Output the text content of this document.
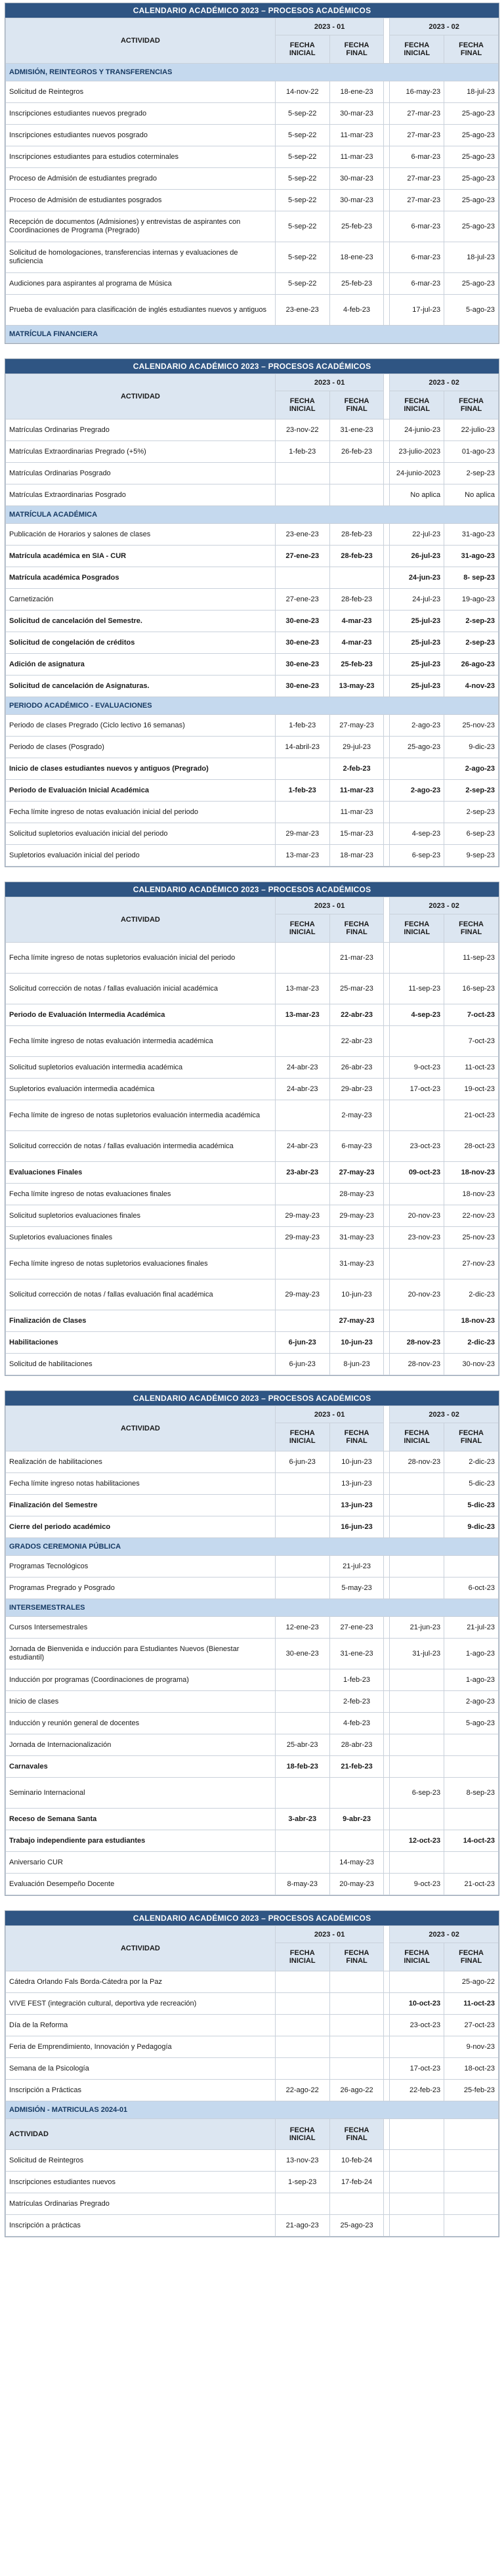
CALENDARIO ACADÉMICO 2023 – PROCESOS ACADÉMICOS
ACTIVIDAD	2023 - 01			2023 - 02	
	FECHA INICIAL	FECHA FINAL		FECHA INICIAL	FECHA FINAL
ADMISIÓN, REINTEGROS Y TRANSFERENCIAS					
Solicitud de Reintegros	14-nov-22	18-ene-23		16-may-23	18-jul-23
Inscripciones estudiantes nuevos pregrado	5-sep-22	30-mar-23		27-mar-23	25-ago-23
Inscripciones estudiantes nuevos posgrado	5-sep-22	11-mar-23		27-mar-23	25-ago-23
Inscripciones estudiantes para estudios coterminales	5-sep-22	11-mar-23		6-mar-23	25-ago-23
Proceso de Admisión de estudiantes pregrado	5-sep-22	30-mar-23		27-mar-23	25-ago-23
Proceso de Admisión de estudiantes posgrados	5-sep-22	30-mar-23		27-mar-23	25-ago-23
Recepción de documentos (Admisiones) y entrevistas de aspirantes con Coordinaciones de Programa (Pregrado)	5-sep-22	25-feb-23		6-mar-23	25-ago-23
Solicitud de homologaciones, transferencias internas y evaluaciones de suficiencia	5-sep-22	18-ene-23		6-mar-23	18-jul-23
Audiciones para aspirantes al programa de Música	5-sep-22	25-feb-23		6-mar-23	25-ago-23
Prueba de evaluación para clasificación de inglés estudiantes nuevos y antiguos	23-ene-23	4-feb-23		17-jul-23	5-ago-23
MATRÍCULA FINANCIERA					
CALENDARIO ACADÉMICO 2023 – PROCESOS ACADÉMICOS
ACTIVIDAD	2023 - 01			2023 - 02	
	FECHA INICIAL	FECHA FINAL		FECHA INICIAL	FECHA FINAL
Matrículas Ordinarias Pregrado	23-nov-22	31-ene-23		24-junio-23	22-julio-23
Matrículas Extraordinarias Pregrado (+5%)	1-feb-23	26-feb-23		23-julio-2023	01-ago-23
Matrículas Ordinarias Posgrado				24-junio-2023	2-sep-23
Matrículas Extraordinarias Posgrado				No aplica	No aplica
MATRÍCULA ACADÉMICA					
Publicación de Horarios y salones de clases	23-ene-23	28-feb-23		22-jul-23	31-ago-23
Matrícula académica en SIA - CUR	27-ene-23	28-feb-23		26-jul-23	31-ago-23
Matrícula académica Posgrados				24-jun-23	8- sep-23
Carnetización	27-ene-23	28-feb-23		24-jul-23	19-ago-23
Solicitud de cancelación del Semestre.	30-ene-23	4-mar-23		25-jul-23	2-sep-23
Solicitud de congelación de créditos	30-ene-23	4-mar-23		25-jul-23	2-sep-23
Adición de asignatura	30-ene-23	25-feb-23		25-jul-23	26-ago-23
Solicitud de cancelación de Asignaturas.	30-ene-23	13-may-23		25-jul-23	4-nov-23
PERIODO ACADÉMICO - EVALUACIONES					
Periodo de clases Pregrado (Ciclo lectivo 16 semanas)	1-feb-23	27-may-23		2-ago-23	25-nov-23
Periodo de clases (Posgrado)	14-abril-23	29-jul-23		25-ago-23	9-dic-23
Inicio de clases estudiantes nuevos y antiguos (Pregrado)		2-feb-23			2-ago-23
Periodo de Evaluación Inicial Académica	1-feb-23	11-mar-23		2-ago-23	2-sep-23
Fecha límite ingreso de notas evaluación inicial del periodo		11-mar-23			2-sep-23
Solicitud supletorios evaluación inicial del periodo	29-mar-23	15-mar-23		4-sep-23	6-sep-23
Supletorios evaluación inicial del periodo	13-mar-23	18-mar-23		6-sep-23	9-sep-23
CALENDARIO ACADÉMICO 2023 – PROCESOS ACADÉMICOS
ACTIVIDAD	2023 - 01			2023 - 02	
	FECHA INICIAL	FECHA FINAL		FECHA INICIAL	FECHA FINAL
Fecha límite ingreso de notas supletorios evaluación inicial del periodo		21-mar-23			11-sep-23
Solicitud corrección de notas / fallas evaluación inicial académica	13-mar-23	25-mar-23		11-sep-23	16-sep-23
Periodo de Evaluación Intermedia Académica	13-mar-23	22-abr-23		4-sep-23	7-oct-23
Fecha límite ingreso de notas evaluación intermedia académica		22-abr-23			7-oct-23
Solicitud supletorios evaluación intermedia académica	24-abr-23	26-abr-23		9-oct-23	11-oct-23
Supletorios evaluación intermedia académica	24-abr-23	29-abr-23		17-oct-23	19-oct-23
Fecha límite de ingreso de notas supletorios evaluación intermedia académica		2-may-23			21-oct-23
Solicitud corrección de notas / fallas evaluación intermedia académica	24-abr-23	6-may-23		23-oct-23	28-oct-23
Evaluaciones Finales	23-abr-23	27-may-23		09-oct-23	18-nov-23
Fecha límite ingreso de notas evaluaciones finales		28-may-23			18-nov-23
Solicitud supletorios evaluaciones finales	29-may-23	29-may-23		20-nov-23	22-nov-23
Supletorios evaluaciones finales	29-may-23	31-may-23		23-nov-23	25-nov-23
Fecha límite ingreso de notas supletorios evaluaciones finales		31-may-23			27-nov-23
Solicitud corrección de notas / fallas evaluación final académica	29-may-23	10-jun-23		20-nov-23	2-dic-23
Finalización de Clases		27-may-23			18-nov-23
Habilitaciones	6-jun-23	10-jun-23		28-nov-23	2-dic-23
Solicitud de habilitaciones	6-jun-23	8-jun-23		28-nov-23	30-nov-23
CALENDARIO ACADÉMICO 2023 – PROCESOS ACADÉMICOS
ACTIVIDAD	2023 - 01			2023 - 02	
	FECHA INICIAL	FECHA FINAL		FECHA INICIAL	FECHA FINAL
Realización de habilitaciones	6-jun-23	10-jun-23		28-nov-23	2-dic-23
Fecha límite ingreso notas habilitaciones		13-jun-23			5-dic-23
Finalización del Semestre		13-jun-23			5-dic-23
Cierre del periodo académico		16-jun-23			9-dic-23
GRADOS CEREMONIA PÚBLICA					
Programas Tecnológicos		21-jul-23			
Programas Pregrado y Posgrado		5-may-23			6-oct-23
INTERSEMESTRALES					
Cursos Intersemestrales	12-ene-23	27-ene-23		21-jun-23	21-jul-23
Jornada de Bienvenida e inducción para Estudiantes Nuevos (Bienestar estudiantil)	30-ene-23	31-ene-23		31-jul-23	1-ago-23
Inducción por programas (Coordinaciones de programa)		1-feb-23			1-ago-23
Inicio de clases		2-feb-23			2-ago-23
Inducción y reunión general de docentes		4-feb-23			5-ago-23
Jornada de Internacionalización	25-abr-23	28-abr-23			
Carnavales	18-feb-23	21-feb-23			
Seminario Internacional				6-sep-23	8-sep-23
Receso de Semana Santa	3-abr-23	9-abr-23			
Trabajo independiente para estudiantes				12-oct-23	14-oct-23
Aniversario CUR		14-may-23			
Evaluación Desempeño Docente	8-may-23	20-may-23		9-oct-23	21-oct-23
CALENDARIO ACADÉMICO 2023 – PROCESOS ACADÉMICOS
ACTIVIDAD	2023 - 01			2023 - 02	
	FECHA INICIAL	FECHA FINAL		FECHA INICIAL	FECHA FINAL
Cátedra Orlando Fals Borda-Cátedra por la Paz					25-ago-22
VIVE FEST (integración cultural, deportiva yde recreación)				10-oct-23	11-oct-23
Día de la Reforma				23-oct-23	27-oct-23
Feria de Emprendimiento, Innovación y Pedagogía					9-nov-23
Semana de la Psicología				17-oct-23	18-oct-23
Inscripción a Prácticas	22-ago-22	26-ago-22		22-feb-23	25-feb-23
ADMISIÓN - MATRICULAS 2024-01					
ACTIVIDAD	FECHA INICIAL	FECHA FINAL			
Solicitud de Reintegros	13-nov-23	10-feb-24			
Inscripciones estudiantes nuevos	1-sep-23	17-feb-24			
Matrículas Ordinarias Pregrado					
Inscripción a prácticas	21-ago-23	25-ago-23			
